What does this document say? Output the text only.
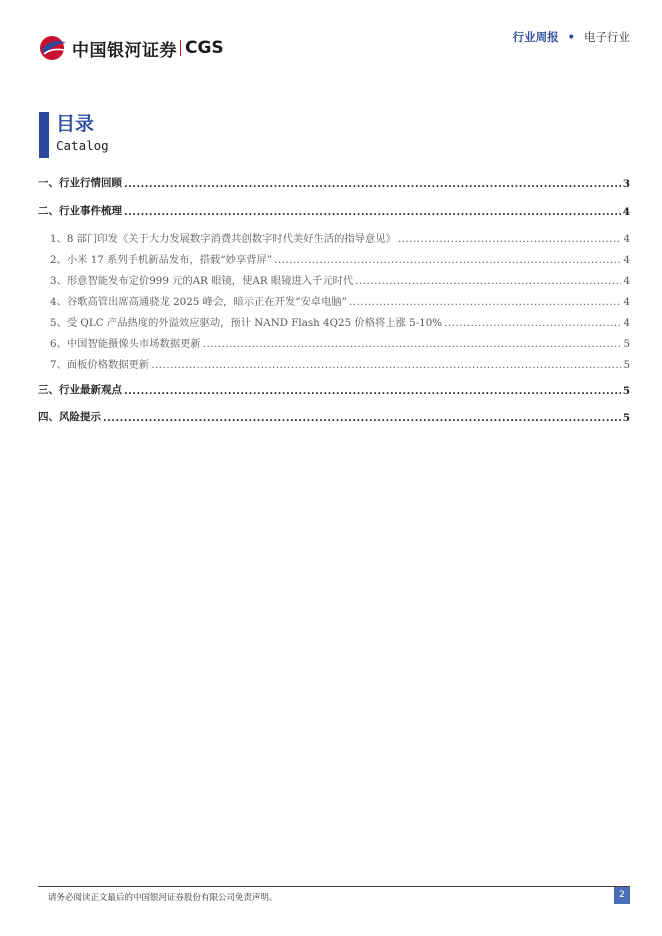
中国银河证券 CGS
行业周报 • 电子行业
目录
Catalog
一、 行业行情回顾 .....	3
二、 行业事件梳理 .....	4
1、8 部门印发《关于大力发展数字消费共创数字时代美好生活的指导意见》 .....	4
2、小米 17 系列手机新品发布，搭载“妙享背屏” .....	4
3、形意智能发布定价999 元的AR 眼镜，使AR 眼镜进入千元时代 .....	4
4、谷歌高管出席高通骁龙 2025 峰会，暗示正在开发“安卓电脑” .....	4
5、受 QLC 产品热度的外溢效应驱动，预计 NAND Flash 4Q25 价格将上涨 5-10% .....	4
6、中国智能摄像头市场数据更新 .....	5
7、面板价格数据更新 .....	5
三、 行业最新观点 .....	5
四、 风险提示 .....	5
请务必阅读正文最后的中国银河证券股份有限公司免责声明。	2
